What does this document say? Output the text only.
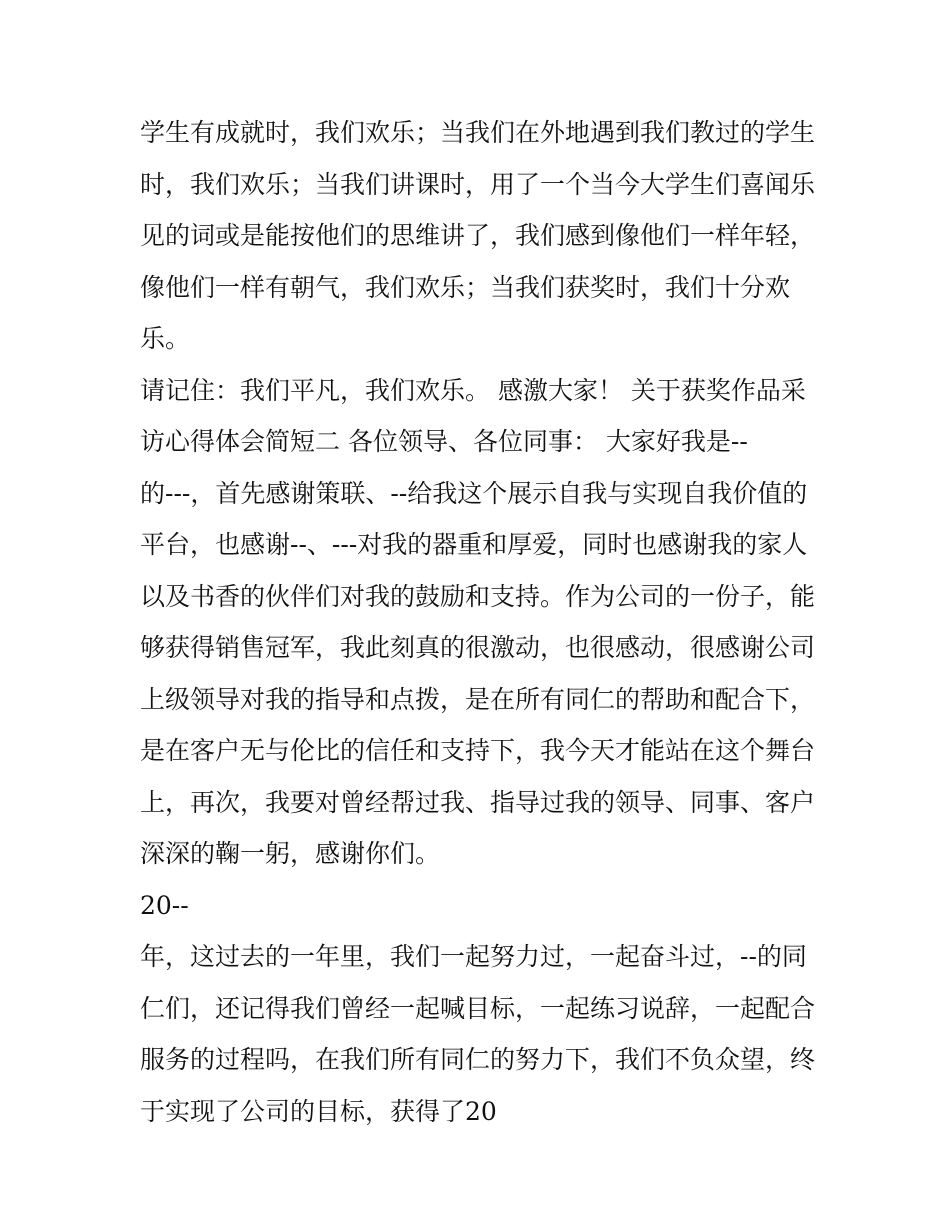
学生有成就时，我们欢乐；当我们在外地遇到我们教过的学生
时，我们欢乐；当我们讲课时，用了一个当今大学生们喜闻乐
见的词或是能按他们的思维讲了，我们感到像他们一样年轻，
像他们一样有朝气，我们欢乐；当我们获奖时，我们十分欢
乐。
请记住：我们平凡，我们欢乐。 感激大家！ 关于获奖作品采
访心得体会简短二 各位领导、各位同事： 大家好我是--
的---，首先感谢策联、--给我这个展示自我与实现自我价值的
平台，也感谢--、---对我的器重和厚爱，同时也感谢我的家人
以及书香的伙伴们对我的鼓励和支持。作为公司的一份子，能
够获得销售冠军，我此刻真的很激动，也很感动，很感谢公司
上级领导对我的指导和点拨，是在所有同仁的帮助和配合下，
是在客户无与伦比的信任和支持下，我今天才能站在这个舞台
上，再次，我要对曾经帮过我、指导过我的领导、同事、客户
深深的鞠一躬，感谢你们。
20--
年，这过去的一年里，我们一起努力过，一起奋斗过，--的同
仁们，还记得我们曾经一起喊目标，一起练习说辞，一起配合
服务的过程吗，在我们所有同仁的努力下，我们不负众望，终
于实现了公司的目标，获得了20
